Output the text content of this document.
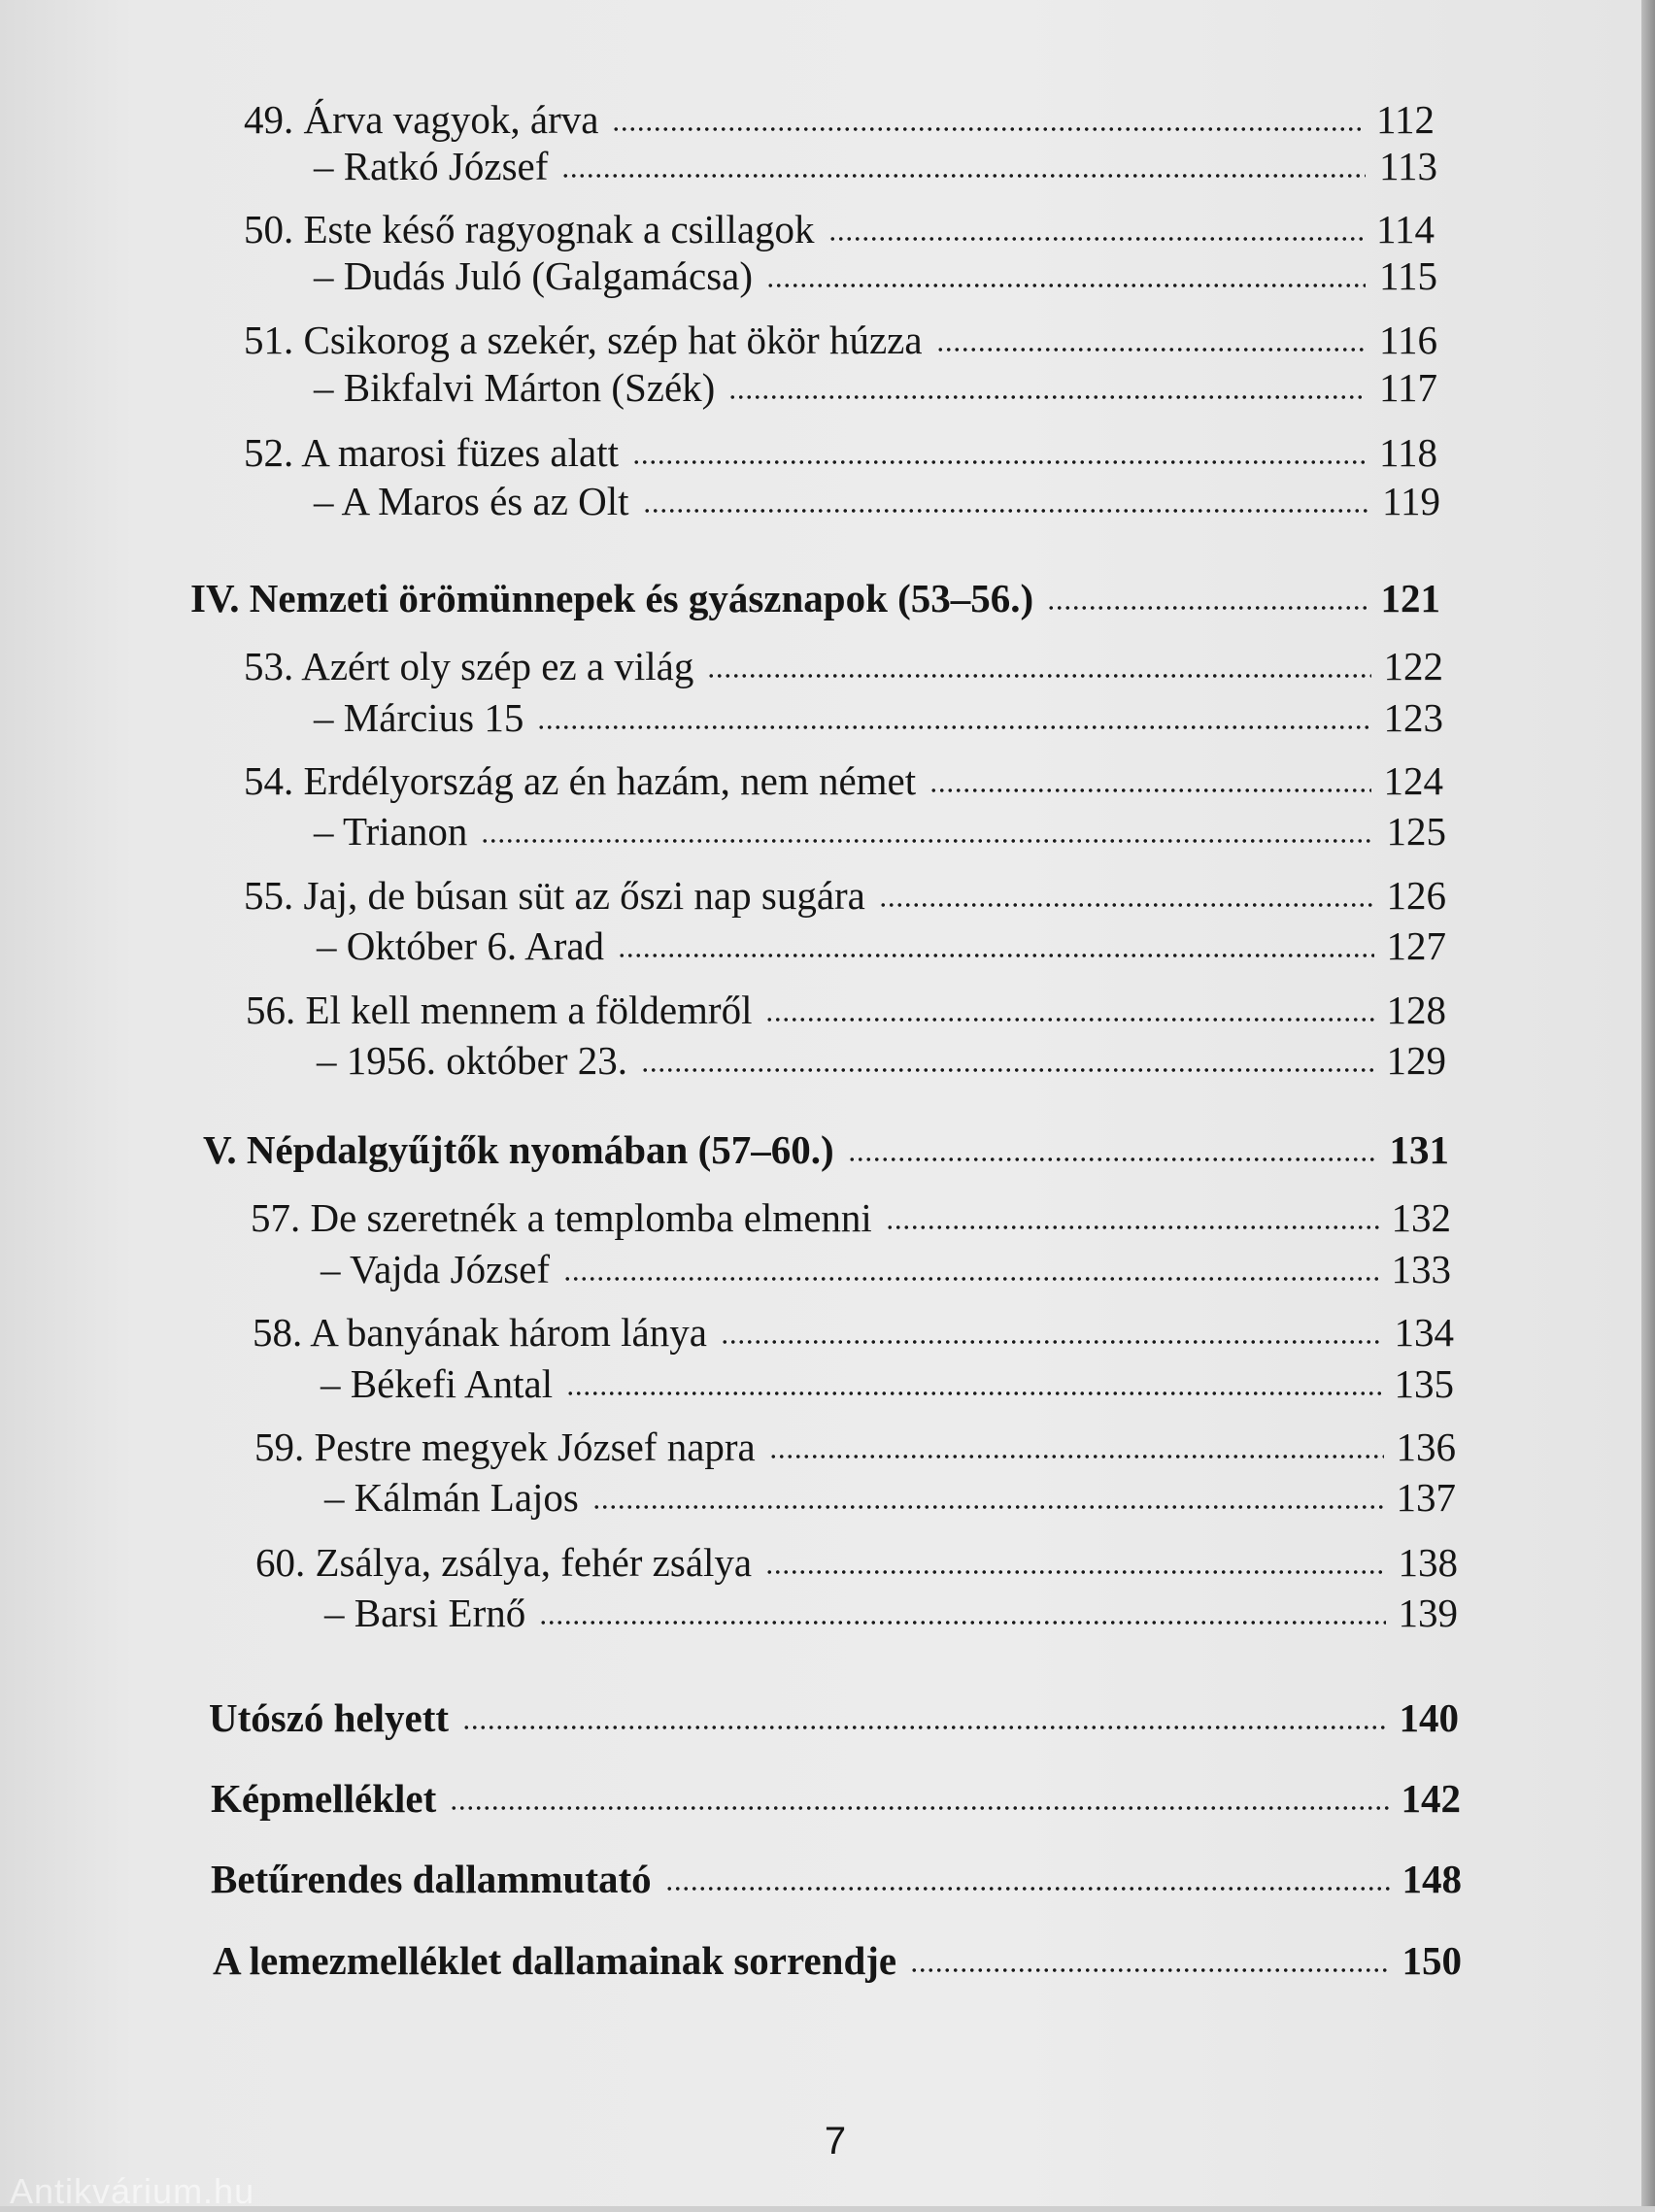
49. Árva vagyok, árva	112
– Ratkó József	113
50. Este késő ragyognak a csillagok	114
– Dudás Juló (Galgamácsa)	115
51. Csikorog a szekér, szép hat ökör húzza	116
– Bikfalvi Márton (Szék)	117
52. A marosi füzes alatt	118
– A Maros és az Olt	119
IV. Nemzeti örömünnepek és gyásznapok (53–56.)	121
53. Azért oly szép ez a világ	122
– Március 15	123
54. Erdélyország az én hazám, nem német	124
– Trianon	125
55. Jaj, de búsan süt az őszi nap sugára	126
– Október 6. Arad	127
56. El kell mennem a földemről	128
– 1956. október 23.	129
V. Népdalgyűjtők nyomában (57–60.)	131
57. De szeretnék a templomba elmenni	132
– Vajda József	133
58. A banyának három lánya	134
– Békefi Antal	135
59. Pestre megyek József napra	136
– Kálmán Lajos	137
60. Zsálya, zsálya, fehér zsálya	138
– Barsi Ernő	139
Utószó helyett	140
Képmelléklet	142
Betűrendes dallammutató	148
A lemezmelléklet dallamainak sorrendje	150
7
Antikvárium.hu
